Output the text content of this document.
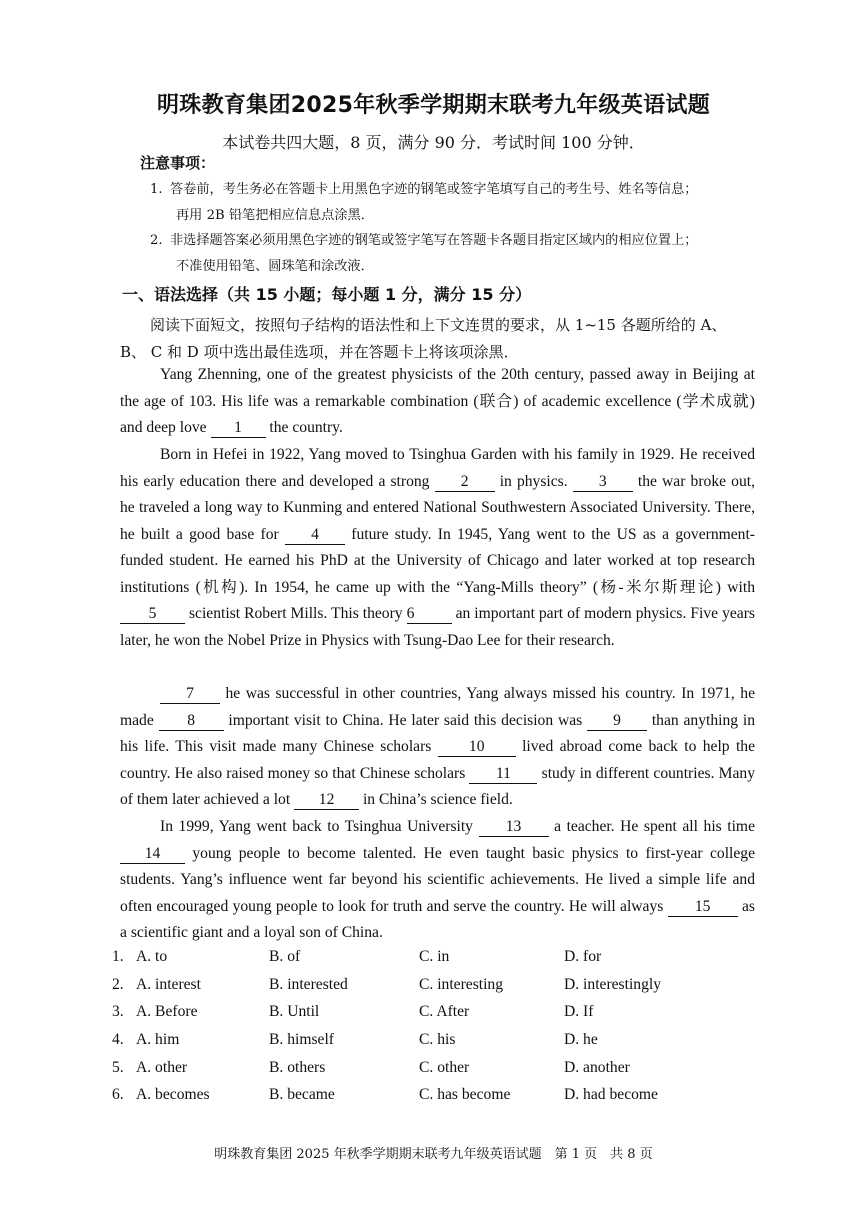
明珠教育集团2025年秋季学期期末联考九年级英语试题
本试卷共四大题，8 页，满分 90 分．考试时间 100 分钟．
注意事项：
1. 答卷前，考生务必在答题卡上用黑色字迹的钢笔或签字笔填写自己的考生号、姓名等信息；
再用 2B 铅笔把相应信息点涂黑．
2. 非选择题答案必须用黑色字迹的钢笔或签字笔写在答题卡各题目指定区域内的相应位置上；
不准使用铅笔、圆珠笔和涂改液．
一、语法选择（共 15 小题；每小题 1 分，满分 15 分）
阅读下面短文，按照句子结构的语法性和上下文连贯的要求，从 1~15 各题所给的 A、
B、 C 和 D 项中选出最佳选项，并在答题卡上将该项涂黑．
Yang Zhenning, one of the greatest physicists of the 20th century, passed away in Beijing at the age of 103. His life was a remarkable combination (联合) of academic excellence (学术成就) and deep love 1 the country.
Born in Hefei in 1922, Yang moved to Tsinghua Garden with his family in 1929. He received his early education there and developed a strong 2 in physics. 3 the war broke out, he traveled a long way to Kunming and entered National Southwestern Associated University. There, he built a good base for 4 future study. In 1945, Yang went to the US as a government-funded student. He earned his PhD at the University of Chicago and later worked at top research institutions (机构). In 1954, he came up with the “Yang-Mills theory” (杨-米尔斯理论) with 5 scientist Robert Mills. This theory 6 an important part of modern physics. Five years later, he won the Nobel Prize in Physics with Tsung-Dao Lee for their research.
7 he was successful in other countries, Yang always missed his country. In 1971, he made 8 important visit to China. He later said this decision was 9 than anything in his life. This visit made many Chinese scholars 10 lived abroad come back to help the country. He also raised money so that Chinese scholars 11 study in different countries. Many of them later achieved a lot 12 in China’s science field.
In 1999, Yang went back to Tsinghua University 13 a teacher. He spent all his time 14 young people to become talented. He even taught basic physics to first-year college students. Yang’s influence went far beyond his scientific achievements. He lived a simple life and often encouraged young people to look for truth and serve the country. He will always 15 as a scientific giant and a loyal son of China.
1. A. to	B. of	C. in	D. for
2. A. interest	B. interested	C. interesting	D. interestingly
3. A. Before	B. Until	C. After	D. If
4. A. him	B. himself	C. his	D. he
5. A. other	B. others	C. other	D. another
6. A. becomes	B. became	C. has become	D. had become
明珠教育集团 2025 年秋季学期期末联考九年级英语试题　第 1 页　共 8 页
